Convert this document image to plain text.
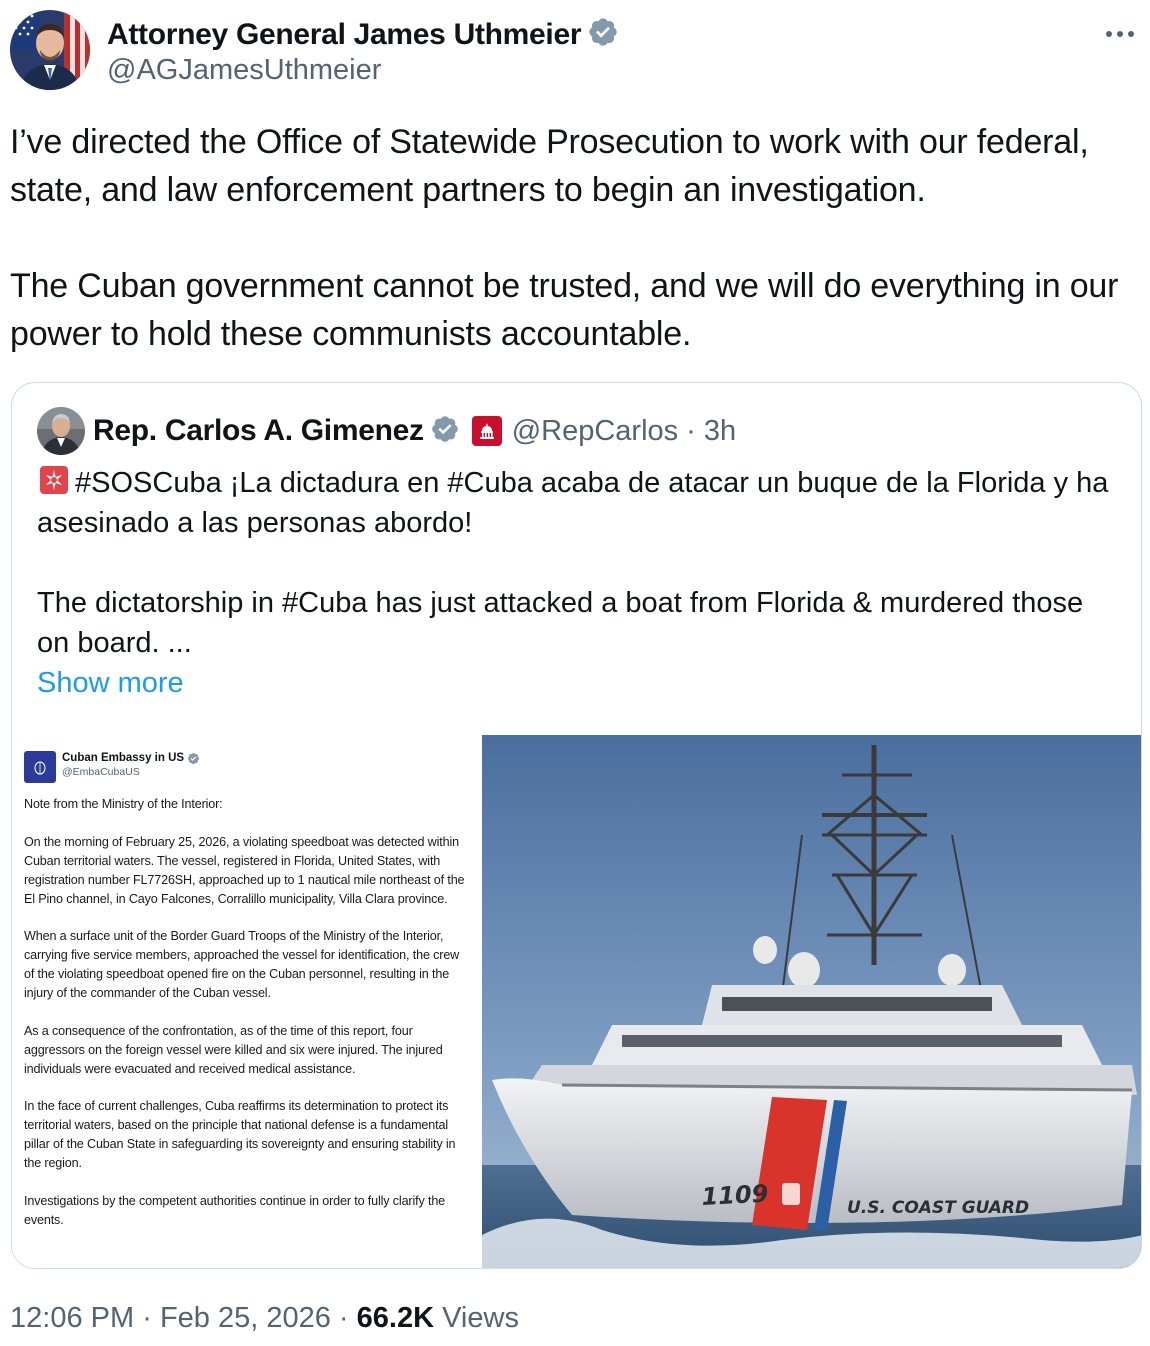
Attorney General James Uthmeier
@AGJamesUthmeier

I’ve directed the Office of Statewide Prosecution to work with our federal, state, and law enforcement partners to begin an investigation.

The Cuban government cannot be trusted, and we will do everything in our power to hold these communists accountable.

Rep. Carlos A. Gimenez	@RepCarlos · 3h

#SOSCuba ¡La dictadura en #Cuba acaba de atacar un buque de la Florida y ha asesinado a las personas abordo!

The dictatorship in #Cuba has just attacked a boat from Florida & murdered those on board. ...

Show more

Cuban Embassy in US
@EmbaCubaUS

Note from the Ministry of the Interior:

On the morning of February 25, 2026, a violating speedboat was detected within Cuban territorial waters. The vessel, registered in Florida, United States, with registration number FL7726SH, approached up to 1 nautical mile northeast of the El Pino channel, in Cayo Falcones, Corralillo municipality, Villa Clara province.

When a surface unit of the Border Guard Troops of the Ministry of the Interior, carrying five service members, approached the vessel for identification, the crew of the violating speedboat opened fire on the Cuban personnel, resulting in the injury of the commander of the Cuban vessel.

As a consequence of the confrontation, as of the time of this report, four aggressors on the foreign vessel were killed and six were injured. The injured individuals were evacuated and received medical assistance.

In the face of current challenges, Cuba reaffirms its determination to protect its territorial waters, based on the principle that national defense is a fundamental pillar of the Cuban State in safeguarding its sovereignty and ensuring stability in the region.

Investigations by the competent authorities continue in order to fully clarify the events.

1109	U.S. COAST GUARD
12:06 PM · Feb 25, 2026 · 66.2K Views
